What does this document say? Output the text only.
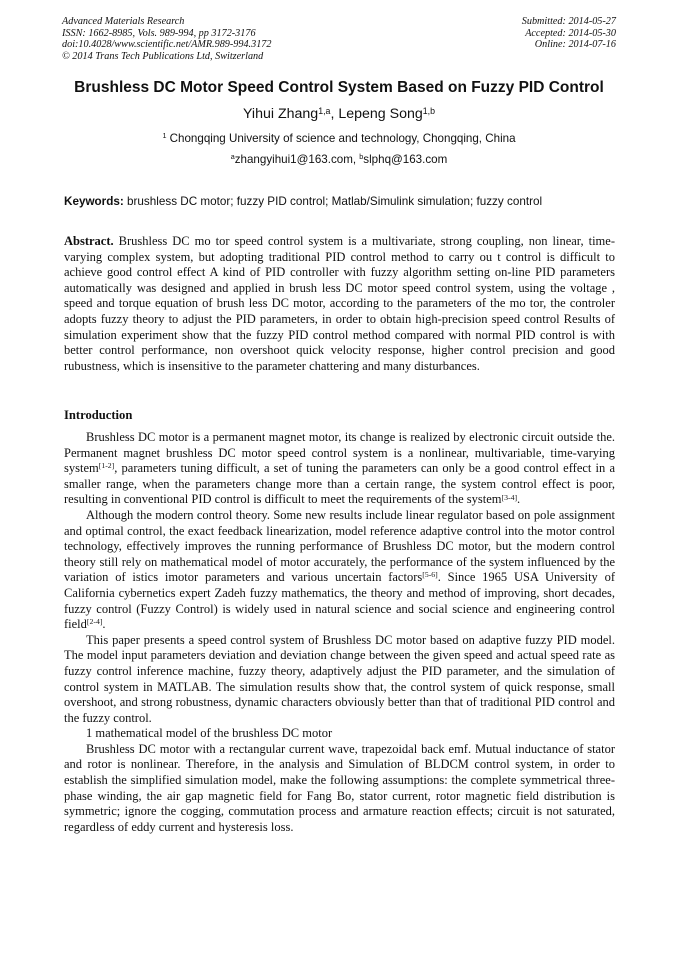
Advanced Materials Research
ISSN: 1662-8985, Vols. 989-994, pp 3172-3176
doi:10.4028/www.scientific.net/AMR.989-994.3172
© 2014 Trans Tech Publications Ltd, Switzerland
Submitted: 2014-05-27
Accepted: 2014-05-30
Online: 2014-07-16
Brushless DC Motor Speed Control System Based on Fuzzy PID Control
Yihui Zhang$^{1,a}$, Lepeng Song$^{1,b}$
$^1$ Chongqing University of science and technology, Chongqing, China
$^a$zhangyihui1@163.com, $^b$slphq@163.com
Keywords: brushless DC motor; fuzzy PID control; Matlab/Simulink simulation; fuzzy control

Abstract. Brushless DC mo tor speed control system is a multivariate, strong coupling, non linear, time-varying complex system, but adopting traditional PID control method to carry ou t control is difficult to achieve good control effect A kind of PID controller with fuzzy algorithm setting on-line PID parameters automatically was designed and applied in brush less DC motor speed control system, using the voltage , speed and torque equation of brush less DC motor, according to the parameters of the mo tor, the controler adopts fuzzy theory to adjust the PID parameters, in order to obtain high-precision speed control Results of simulation experiment show that the fuzzy PID control method compared with normal PID control is with better control performance, non overshoot quick velocity response, higher control precision and good rubustness, which is insensitive to the parameter chattering and many disturbances.

Introduction

Brushless DC motor is a permanent magnet motor, its change is realized by electronic circuit outside the. Permanent magnet brushless DC motor speed control system is a nonlinear, multivariable, time-varying system[1-2], parameters tuning difficult, a set of tuning the parameters can only be a good control effect in a smaller range, when the parameters change more than a certain range, the system control effect is poor, resulting in conventional PID control is difficult to meet the requirements of the system[3-4].

Although the modern control theory. Some new results include linear regulator based on pole assignment and optimal control, the exact feedback linearization, model reference adaptive control into the motor control technology, effectively improves the running performance of Brushless DC motor, but the modern control theory still rely on mathematical model of motor accurately, the performance of the system influenced by the variation of istics imotor parameters and various uncertain factors[5-6]. Since 1965 USA University of California cybernetics expert Zadeh fuzzy mathematics, the theory and method of improving, short decades, fuzzy control (Fuzzy Control) is widely used in natural science and social science and engineering control field[2-4].

This paper presents a speed control system of Brushless DC motor based on adaptive fuzzy PID model. The model input parameters deviation and deviation change between the given speed and actual speed rate as fuzzy control inference machine, fuzzy theory, adaptively adjust the PID parameter, and the simulation of control system in MATLAB. The simulation results show that, the control system of quick response, small overshoot, and strong robustness, dynamic characters obviously better than that of traditional PID control and the fuzzy control.

1 mathematical model of the brushless DC motor

Brushless DC motor with a rectangular current wave, trapezoidal back emf. Mutual inductance of stator and rotor is nonlinear. Therefore, in the analysis and Simulation of BLDCM control system, in order to establish the simplified simulation model, make the following assumptions: the complete symmetrical three-phase winding, the air gap magnetic field for Fang Bo, stator current, rotor magnetic field distribution is symmetric; ignore the cogging, commutation process and armature reaction effects; circuit is not saturated, regardless of eddy current and hysteresis loss.
